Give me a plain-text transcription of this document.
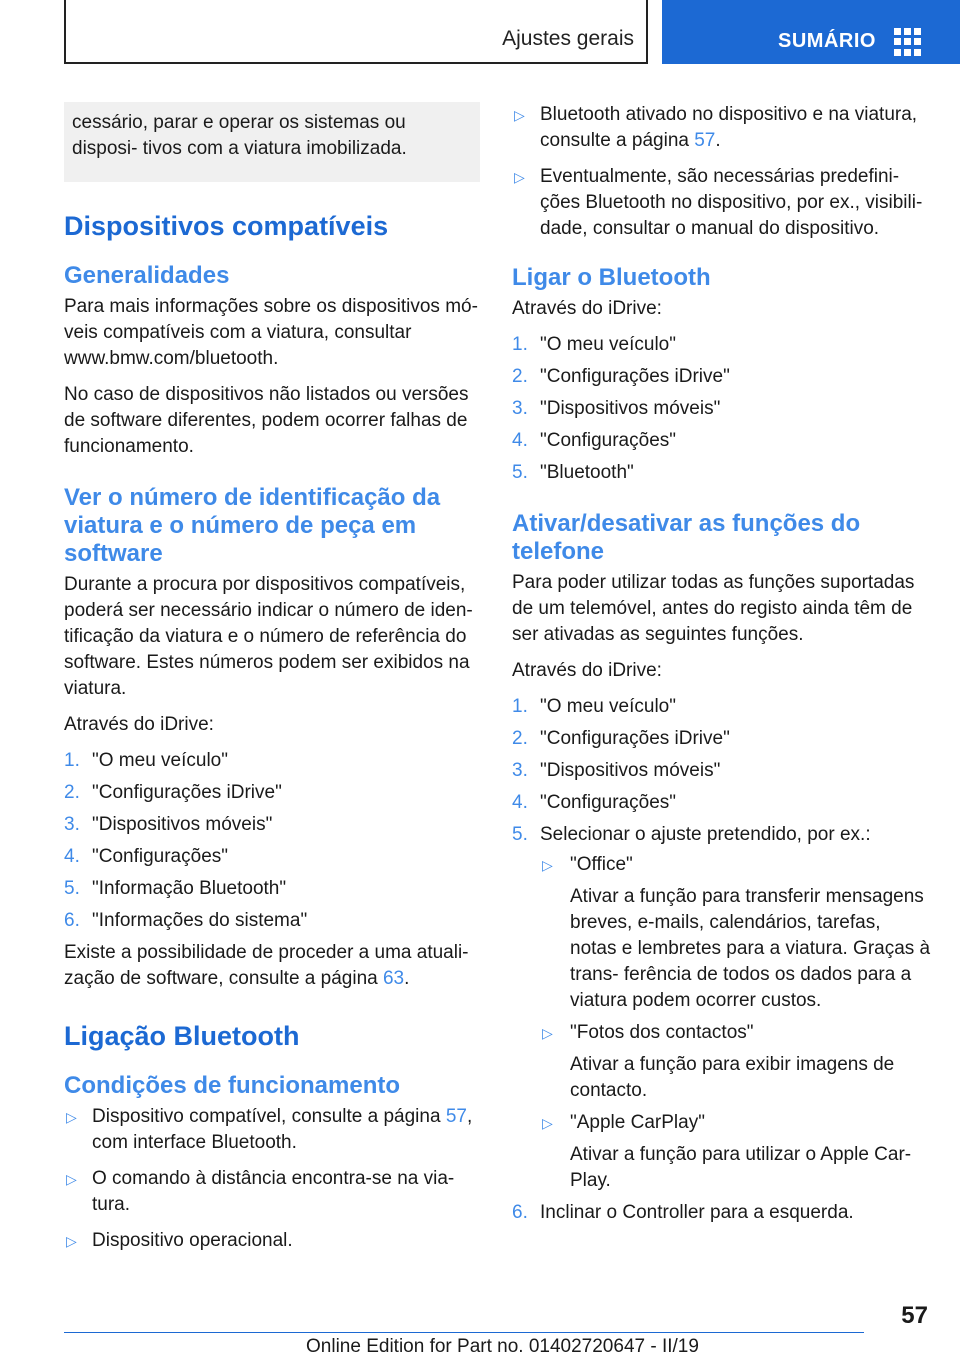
Ajustes gerais	SUMÁRIO
cessário, parar e operar os sistemas ou disposi- tivos com a viatura imobilizada.
Dispositivos compatíveis
Generalidades

Para mais informações sobre os dispositivos mó- veis compatíveis com a viatura, consultar www.bmw.com/bluetooth.

No caso de dispositivos não listados ou versões de software diferentes, podem ocorrer falhas de funcionamento.

Ver o número de identificação da viatura e o número de peça em software

Durante a procura por dispositivos compatíveis, poderá ser necessário indicar o número de iden- tificação da viatura e o número de referência do software. Estes números podem ser exibidos na viatura.

Através do iDrive:

1. "O meu veículo"
2. "Configurações iDrive"
3. "Dispositivos móveis"
4. "Configurações"
5. "Informação Bluetooth"
6. "Informações do sistema"

Existe a possibilidade de proceder a uma atuali- zação de software, consulte a página 63.

Ligação Bluetooth
Condições de funcionamento
▷ Dispositivo compatível, consulte a página 57, com interface Bluetooth.
▷ O comando à distância encontra-se na via- tura.
▷ Dispositivo operacional.
▷ Bluetooth ativado no dispositivo e na viatura, consulte a página 57.
▷ Eventualmente, são necessárias predefini- ções Bluetooth no dispositivo, por ex., visibili- dade, consultar o manual do dispositivo.
Ligar o Bluetooth

Através do iDrive:

1. "O meu veículo"
2. "Configurações iDrive"
3. "Dispositivos móveis"
4. "Configurações"
5. "Bluetooth"
Ativar/desativar as funções do telefone

Para poder utilizar todas as funções suportadas de um telemóvel, antes do registo ainda têm de ser ativadas as seguintes funções.

Através do iDrive:

1. "O meu veículo"
2. "Configurações iDrive"
3. "Dispositivos móveis"
4. "Configurações"
5. Selecionar o ajuste pretendido, por ex.:
▷ "Office"
Ativar a função para transferir mensagens breves, e-mails, calendários, tarefas, notas e lembretes para a viatura. Graças à trans- ferência de todos os dados para a viatura podem ocorrer custos.
▷ "Fotos dos contactos"
Ativar a função para exibir imagens de contacto.
▷ "Apple CarPlay"
Ativar a função para utilizar o Apple Car- Play.
6. Inclinar o Controller para a esquerda.
57
Online Edition for Part no. 01402720647 - II/19
